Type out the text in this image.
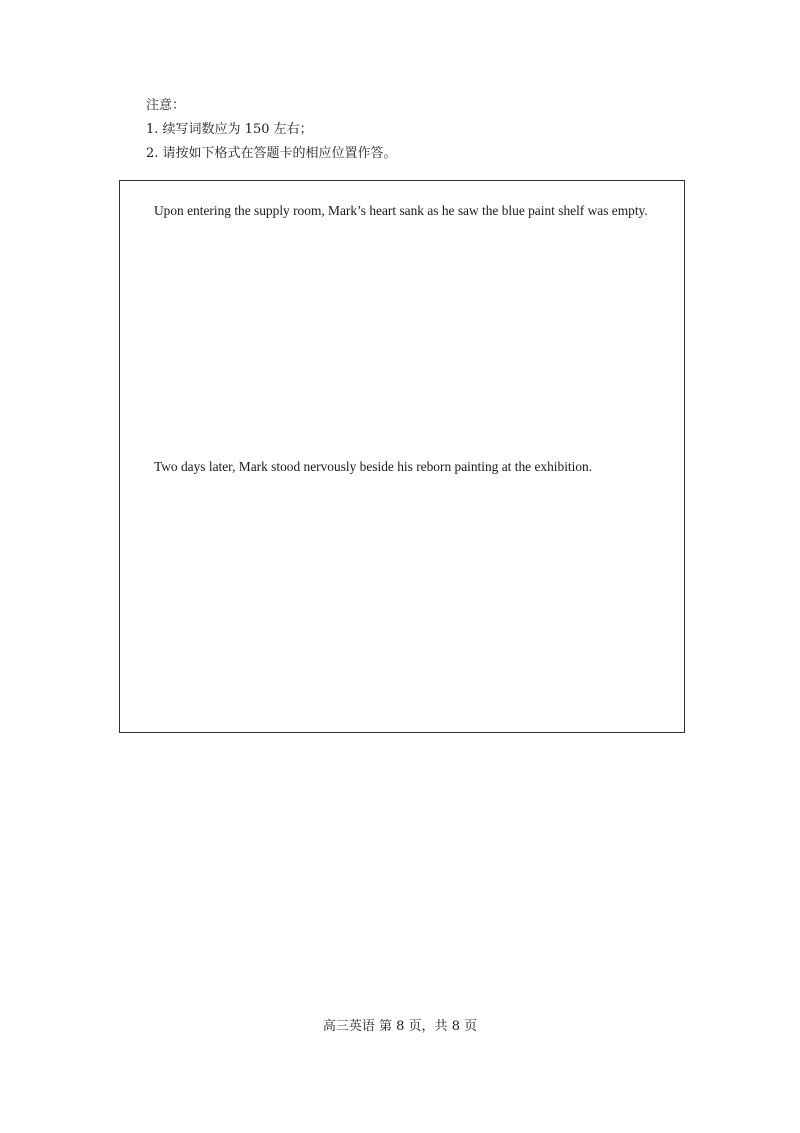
注意：
1. 续写词数应为 150 左右；
2. 请按如下格式在答题卡的相应位置作答。
Upon entering the supply room, Mark’s heart sank as he saw the blue paint shelf was empty.
Two days later, Mark stood nervously beside his reborn painting at the exhibition.
高三英语 第 8 页，共 8 页
